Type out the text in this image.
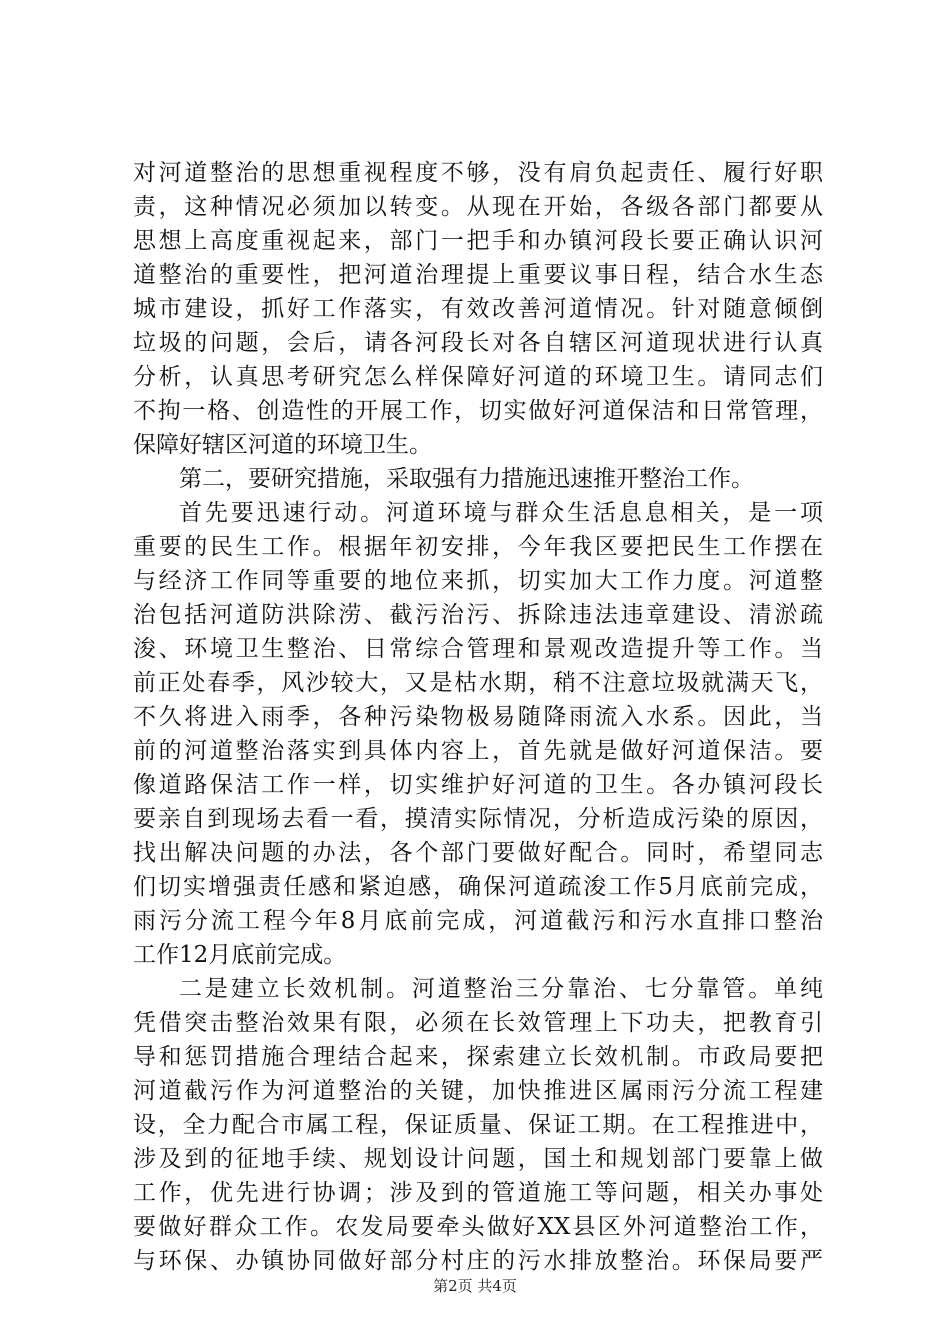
对河道整治的思想重视程度不够，没有肩负起责任、履行好职
责，这种情况必须加以转变。从现在开始，各级各部门都要从
思想上高度重视起来，部门一把手和办镇河段长要正确认识河
道整治的重要性，把河道治理提上重要议事日程，结合水生态
城市建设，抓好工作落实，有效改善河道情况。针对随意倾倒
垃圾的问题，会后，请各河段长对各自辖区河道现状进行认真
分析，认真思考研究怎么样保障好河道的环境卫生。请同志们
不拘一格、创造性的开展工作，切实做好河道保洁和日常管理，
保障好辖区河道的环境卫生。
第二，要研究措施，采取强有力措施迅速推开整治工作。
首先要迅速行动。河道环境与群众生活息息相关，是一项
重要的民生工作。根据年初安排，今年我区要把民生工作摆在
与经济工作同等重要的地位来抓，切实加大工作力度。河道整
治包括河道防洪除涝、截污治污、拆除违法违章建设、清淤疏
浚、环境卫生整治、日常综合管理和景观改造提升等工作。当
前正处春季，风沙较大，又是枯水期，稍不注意垃圾就满天飞，
不久将进入雨季，各种污染物极易随降雨流入水系。因此，当
前的河道整治落实到具体内容上，首先就是做好河道保洁。要
像道路保洁工作一样，切实维护好河道的卫生。各办镇河段长
要亲自到现场去看一看，摸清实际情况，分析造成污染的原因，
找出解决问题的办法，各个部门要做好配合。同时，希望同志
们切实增强责任感和紧迫感，确保河道疏浚工作5月底前完成，
雨污分流工程今年8月底前完成，河道截污和污水直排口整治
工作12月底前完成。
二是建立长效机制。河道整治三分靠治、七分靠管。单纯
凭借突击整治效果有限，必须在长效管理上下功夫，把教育引
导和惩罚措施合理结合起来，探索建立长效机制。市政局要把
河道截污作为河道整治的关键，加快推进区属雨污分流工程建
设，全力配合市属工程，保证质量、保证工期。在工程推进中，
涉及到的征地手续、规划设计问题，国土和规划部门要靠上做
工作，优先进行协调；涉及到的管道施工等问题，相关办事处
要做好群众工作。农发局要牵头做好XX县区外河道整治工作，
与环保、办镇协同做好部分村庄的污水排放整治。环保局要严
第2页 共4页
